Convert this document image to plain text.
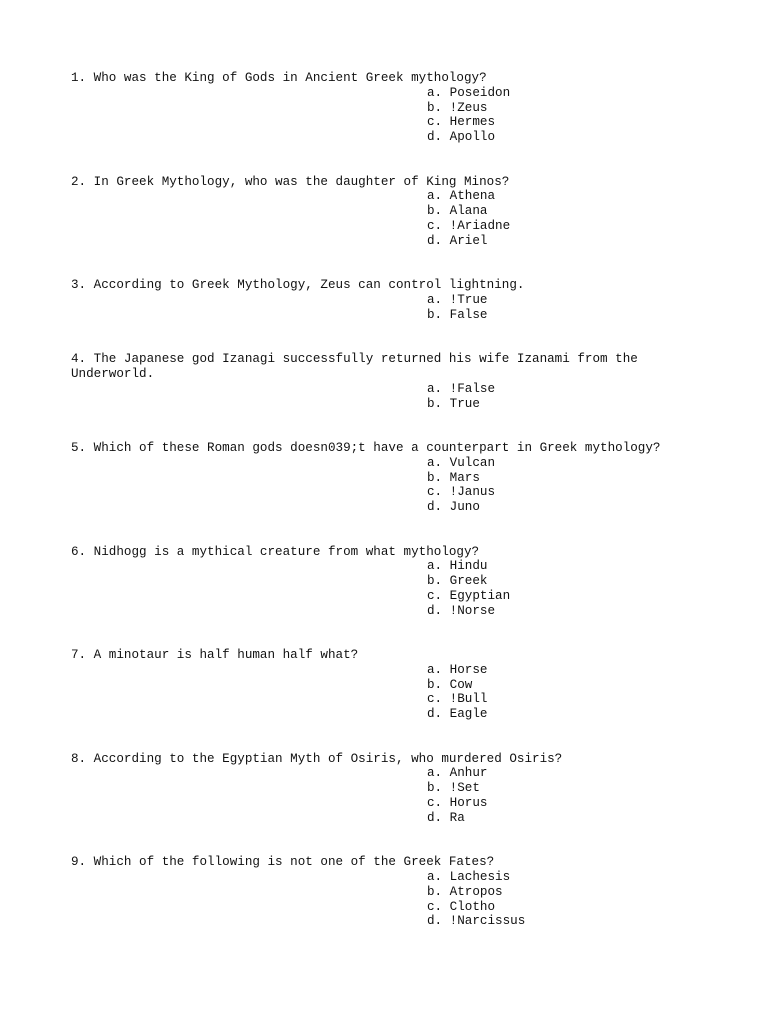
1. Who was the King of Gods in Ancient Greek mythology?

a. Poseidon
b. !Zeus
c. Hermes
d. Apollo

2. In Greek Mythology, who was the daughter of King Minos?

a. Athena
b. Alana
c. !Ariadne
d. Ariel

3. According to Greek Mythology, Zeus can control lightning.

a. !True
b. False

4. The Japanese god Izanagi successfully returned his wife Izanami from the Underworld.

a. !False
b. True

5. Which of these Roman gods doesn039;t have a counterpart in Greek mythology?

a. Vulcan
b. Mars
c. !Janus
d. Juno

6. Nidhogg is a mythical creature from what mythology?

a. Hindu
b. Greek
c. Egyptian
d. !Norse

7. A minotaur is half human half what?

a. Horse
b. Cow
c. !Bull
d. Eagle

8. According to the Egyptian Myth of Osiris, who murdered Osiris?

a. Anhur
b. !Set
c. Horus
d. Ra

9. Which of the following is not one of the Greek Fates?

a. Lachesis
b. Atropos
c. Clotho
d. !Narcissus
